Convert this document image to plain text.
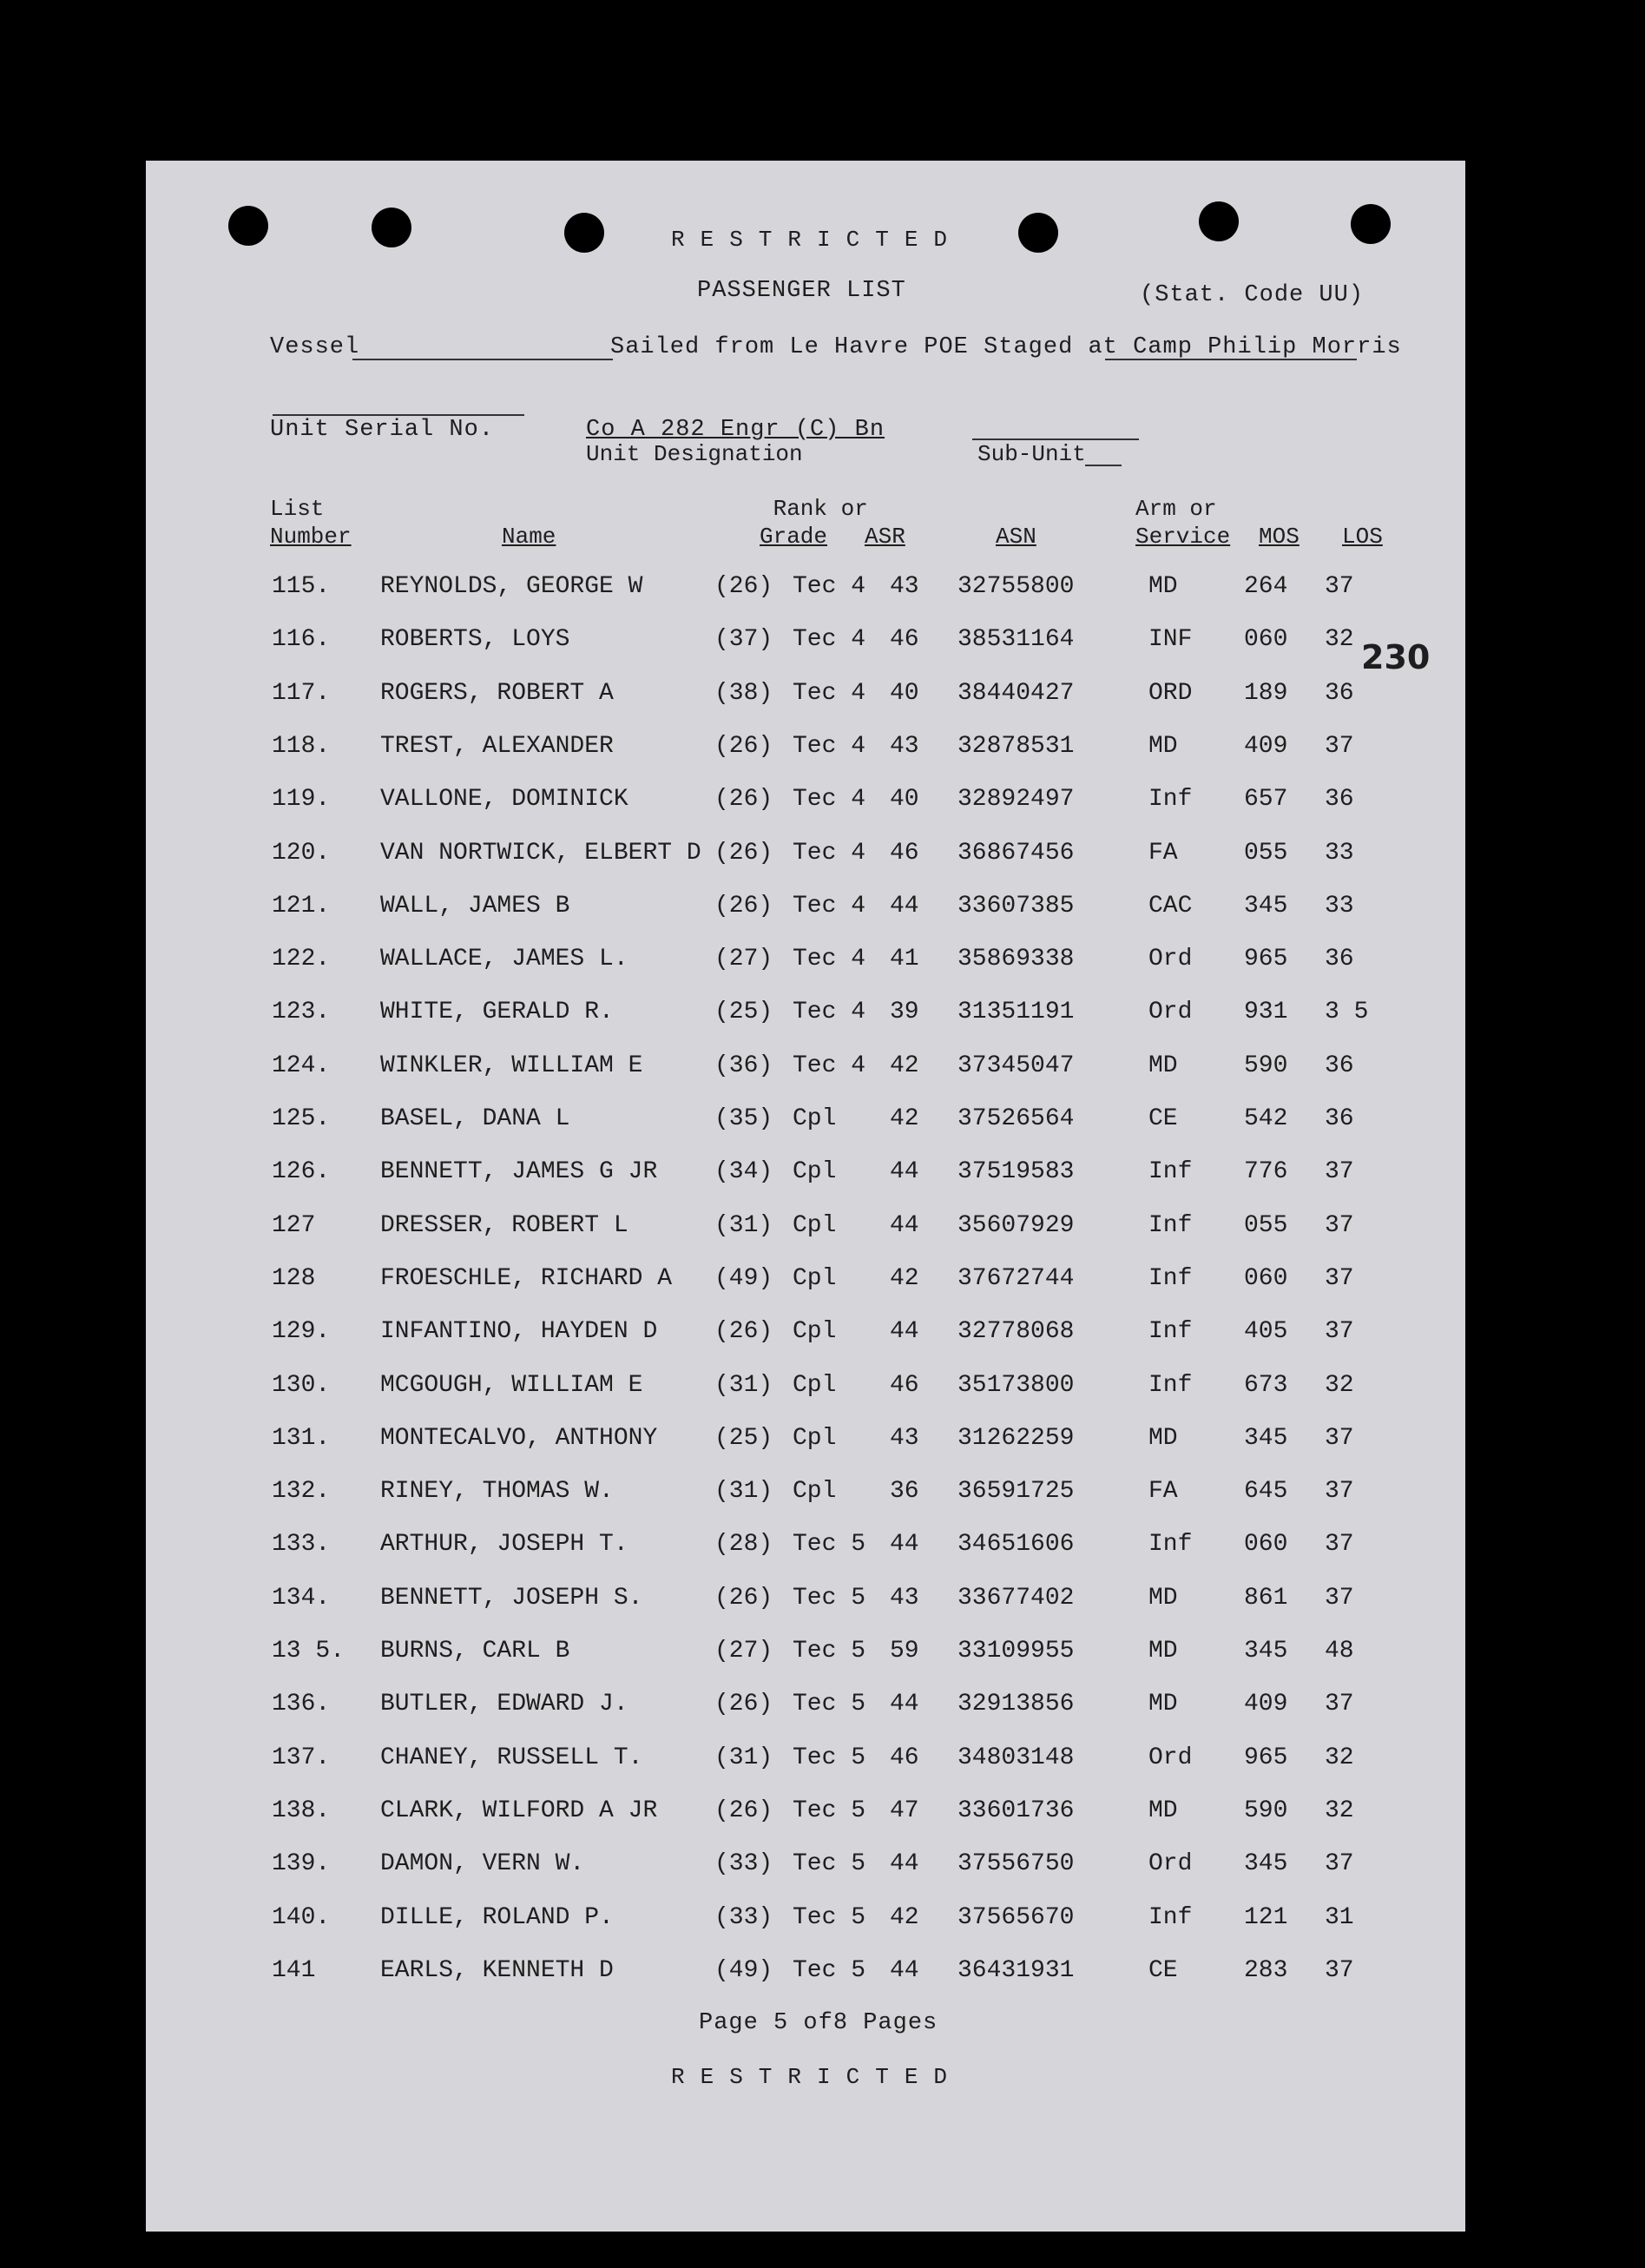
RESTRICTED
PASSENGER LIST	(Stat. Code UU)
Vessel	Sailed from Le Havre POE Staged at Camp Philip Morris
Unit Serial No.	Co A 282 Engr (C) Bn
Unit Designation	Sub-Unit
230
List
Number	Name
Rank or
Grade	ASR	ASN
Arm or
Service MOS LOS
115. REYNOLDS, GEORGE W	(26) Tec 4 43 32755800	MD	264 37
116. ROBERTS, LOYS	(37) Tec 4 46 38531164	INF 060 32
117. ROGERS, ROBERT A	(38) Tec 4 40 38440427	ORD 189 36
118. TREST, ALEXANDER	(26) Tec 4 43 32878531	MD	409 37
119. VALLONE, DOMINICK	(26) Tec 4 40 32892497	Inf 657 36
120. VAN NORTWICK, ELBERT D (26) Tec 4 46 36867456	FA	055 33
121. WALL, JAMES B	(26) Tec 4 44 33607385	CAC 345 33
122. WALLACE, JAMES L.	(27) Tec 4 41 35869338	Ord 965 36
123. WHITE, GERALD R.	(25) Tec 4 39 31351191	Ord 931 3 5
124. WINKLER, WILLIAM E	(36) Tec 4 42 37345047	MD	590 36
125. BASEL, DANA L	(35) Cpl 42 37526564	CE	542 36
126. BENNETT, JAMES G JR (34) Cpl 44 37519583	Inf 776 37
127	DRESSER, ROBERT L	(31) Cpl 44 35607929	Inf 055 37
128	FROESCHLE, RICHARD A (49) Cpl 42 37672744	Inf 060 37
129. INFANTINO, HAYDEN D (26) Cpl 44 32778068	Inf 405 37
130. MCGOUGH, WILLIAM E	(31) Cpl 46 35173800	Inf 673 32
131. MONTECALVO, ANTHONY (25) Cpl 43 31262259	MD	345 37
132. RINEY, THOMAS W.	(31) Cpl 36 36591725	FA	645 37
133. ARTHUR, JOSEPH T.	(28) Tec 5 44 34651606	Inf 060 37
134. BENNETT, JOSEPH S.	(26) Tec 5 43 33677402	MD	861 37
13 5. BURNS, CARL B	(27) Tec 5 59 33109955	MD	345 48
136. BUTLER, EDWARD J.	(26) Tec 5 44 32913856	MD	409 37
137. CHANEY, RUSSELL T.	(31) Tec 5 46 34803148	Ord 965 32
138. CLARK, WILFORD A JR (26) Tec 5 47 33601736	MD	590 32
139. DAMON, VERN W.	(33) Tec 5 44 37556750	Ord 345 37
140. DILLE, ROLAND P.	(33) Tec 5 42 37565670	Inf 121 31
141	EARLS, KENNETH D	(49) Tec 5 44 36431931	CE	283 37
Page 5 of8 Pages
RESTRICTED
